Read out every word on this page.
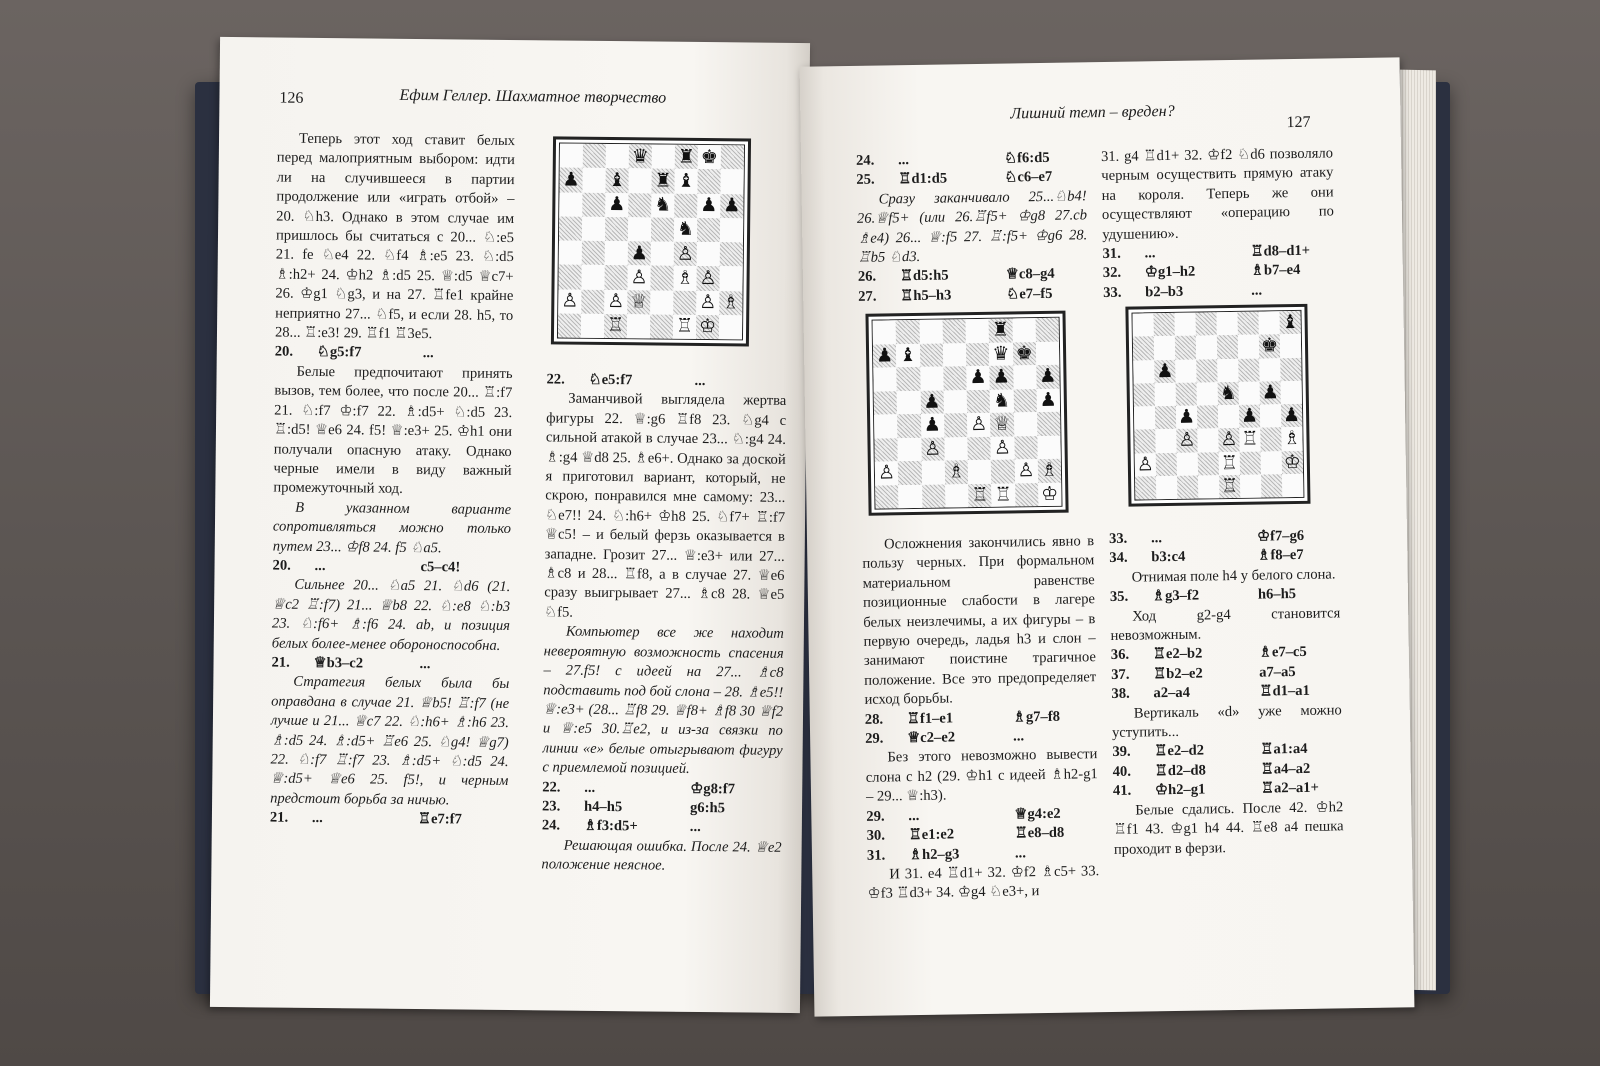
126	Ефим Геллер. Шахматное творчество

Теперь этот ход ставит белых перед малоприятным выбором: идти ли на случившееся в партии продолжение или «играть отбой» – 20. ♘h3. Однако в этом случае им пришлось бы считаться с 20... ♘:e5 21. fe ♘e4 22. ♘f4 ♗:e5 23. ♘:d5 ♗:h2+ 24. ♔h2 ♗:d5 25. ♕:d5 ♕c7+ 26. ♔g1 ♘g3, и на 27. ♖fe1 крайне неприятно 27... ♘f5, и если 28. h5, то 28... ♖:e3! 29. ♖f1 ♖3e5.

20.	♘g5:f7	...

Белые предпочитают принять вызов, тем более, что после 20... ♖:f7 21. ♘:f7 ♔:f7 22. ♗:d5+ ♘:d5 23. ♖:d5! ♕e6 24. f5! ♕:e3+ 25. ♔h1 они получали опасную атаку. Однако черные имели в виду важный промежуточный ход.

В указанном варианте сопротивляться можно только путем 23... ♔f8 24. f5 ♘a5.

20.	...	c5–c4!

Сильнее 20... ♘a5 21. ♘d6 (21. ♕c2 ♖:f7) 21... ♕b8 22. ♘:e8 ♘:b3 23. ♘:f6+ ♗:f6 24. ab, и позиция белых более-менее обороноспособна.

21.	♕b3–c2	...

Стратегия белых была бы оправдана в случае 21. ♕b5! ♖:f7 (не лучше и 21... ♕c7 22. ♘:h6+ ♗:h6 23. ♗:d5 24. ♗:d5+ ♖e6 25. ♘g4! ♕g7) 22. ♘:f7 ♖:f7 23. ♗:d5+ ♘:d5 24. ♕:d5+ ♕e6 25. f5!, и черным предстоит борьба за ничью.

21.	...	♖e7:f7
♛ ♜ ♚
♟ ♝ ♜ ♝
♟ ♞ ♟ ♟
♞
♟ ♙
♙ ♗ ♙
♙ ♙ ♕	♙ ♗
♖	♖ ♔
22.	♘e5:f7	...

Заманчивой выглядела жертва фигуры 22. ♕:g6 ♖f8 23. ♘g4 с сильной атакой в случае 23... ♘:g4 24. ♗:g4 ♕d8 25. ♗e6+. Однако за доской я приготовил вариант, который, не скрою, понравился мне самому: 23... ♘e7!! 24. ♘:h6+ ♔h8 25. ♘f7+ ♖:f7 ♕c5! – и белый ферзь оказывается в западне. Грозит 27... ♕:e3+ или 27... ♗c8 и 28... ♖f8, а в случае 27. ♕e6 сразу выигрывает 27... ♗c8 28. ♕e5 ♘f5.

Компьютер все же находит невероятную возможность спасения – 27.f5! с идеей на 27... ♗c8 подставить под бой слона – 28. ♗e5!! ♕:e3+ (28... ♖f8 29. ♕f8+ ♗f8 30 ♕f2 и ♕:e5 30.♖e2, и из-за связки по линии «е» белые отыгрывают фигуру с приемлемой позицией.

22.	...	♔g8:f7
23.	h4–h5	g6:h5
24.	♗f3:d5+	...

Решающая ошибка. После 24. ♕e2 положение неясное.

Лишний темп – вреден?	127
24.	...	♘f6:d5
25.	♖d1:d5	♘c6–e7

Сразу заканчивало 25...♘b4! 26.♕f5+ (или 26.♖f5+ ♔g8 27.cb ♗e4) 26... ♕:f5 27. ♖:f5+ ♔g6 28. ♖b5 ♘d3.

26.	♖d5:h5	♕c8–g4
27.	♖h5–h3	♘e7–f5
♜
♟ ♝	♛ ♚
♟ ♟ ♟
♟	♞ ♟
♟ ♙ ♕
♙	♙
♙	♗	♙ ♗
♖ ♖ ♔

Осложнения закончились явно в пользу черных. При формальном материальном равенстве позиционные слабости в лагере белых неизлечимы, а их фигуры – в первую очередь, ладья h3 и слон – занимают поистине трагичное положение. Все это предопределяет исход борьбы.

28.	♖f1–e1	♗g7–f8
29.	♕c2–e2	...

Без этого невозможно вывести слона с h2 (29. ♔h1 с идеей ♗h2-g1 – 29... ♕:h3).

29.	...	♕g4:e2
30.	♖e1:e2	♖e8–d8
31.	♗h2–g3	...

И 31. e4 ♖d1+ 32. ♔f2 ♗c5+ 33. ♔f3 ♖d3+ 34. ♔g4 ♘e3+, и

31. g4 ♖d1+ 32. ♔f2 ♘d6 позволяло черным осуществить прямую атаку на короля. Теперь же они осуществляют «операцию по удушению».

31.	...	♖d8–d1+
32.	♔g1–h2	♗b7–e4
33.	b2–b3	...
♝
♚
♟
♞ ♟
♟ ♟ ♟
♙ ♙ ♖ ♗
♙	♖ ♔
♖
33.	...	♔f7–g6
34.	b3:c4	♗f8–e7

Отнимая поле h4 у белого слона.

35.	♗g3–f2	h6–h5

Ход g2-g4 становится невозможным.

36.	♖e2–b2	♗e7–c5
37.	♖b2–e2	a7–a5
38.	a2–a4	♖d1–a1

Вертикаль «d» уже можно уступить...

39.	♖e2–d2	♖a1:a4
40.	♖d2–d8	♖a4–a2
41.	♔h2–g1	♖a2–a1+

Белые сдались. После 42. ♔h2 ♖f1 43. ♔g1 h4 44. ♖e8 a4 пешка проходит в ферзи.
